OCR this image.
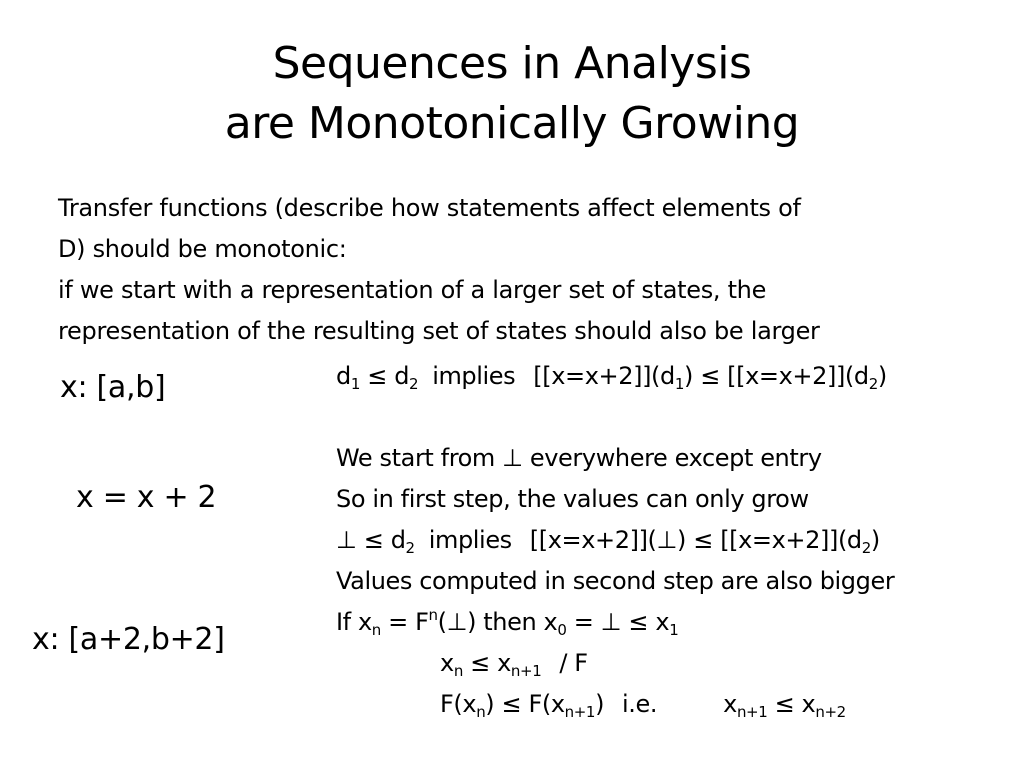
Sequences in Analysis
are Monotonically Growing
Transfer functions (describe how statements affect elements of
D) should be monotonic:
if we start with a representation of a larger set of states, the
representation of the resulting set of states should also be larger
x: [a,b]
x = x + 2
x: [a+2,b+2]
$d_1 \le d_2$ implies $[[x=x+2]](d_1) \le [[x=x+2]](d_2)$
We start from ⊥ everywhere except entry
So in first step, the values can only grow
⊥ ≤ $d_2$ implies [[x=x+2]](⊥) ≤ $[[x=x+2]](d_2)$
Values computed in second step are also bigger
If $x_n$ = $F^n(\perp)$ then $x_0$ = ⊥ ≤ $x_1$
$x_n \le x_{n+1} / F$
$F(x_n) \le F(x_{n+1})$ i.e.	$x_{n+1} \le x_{n+2}$
